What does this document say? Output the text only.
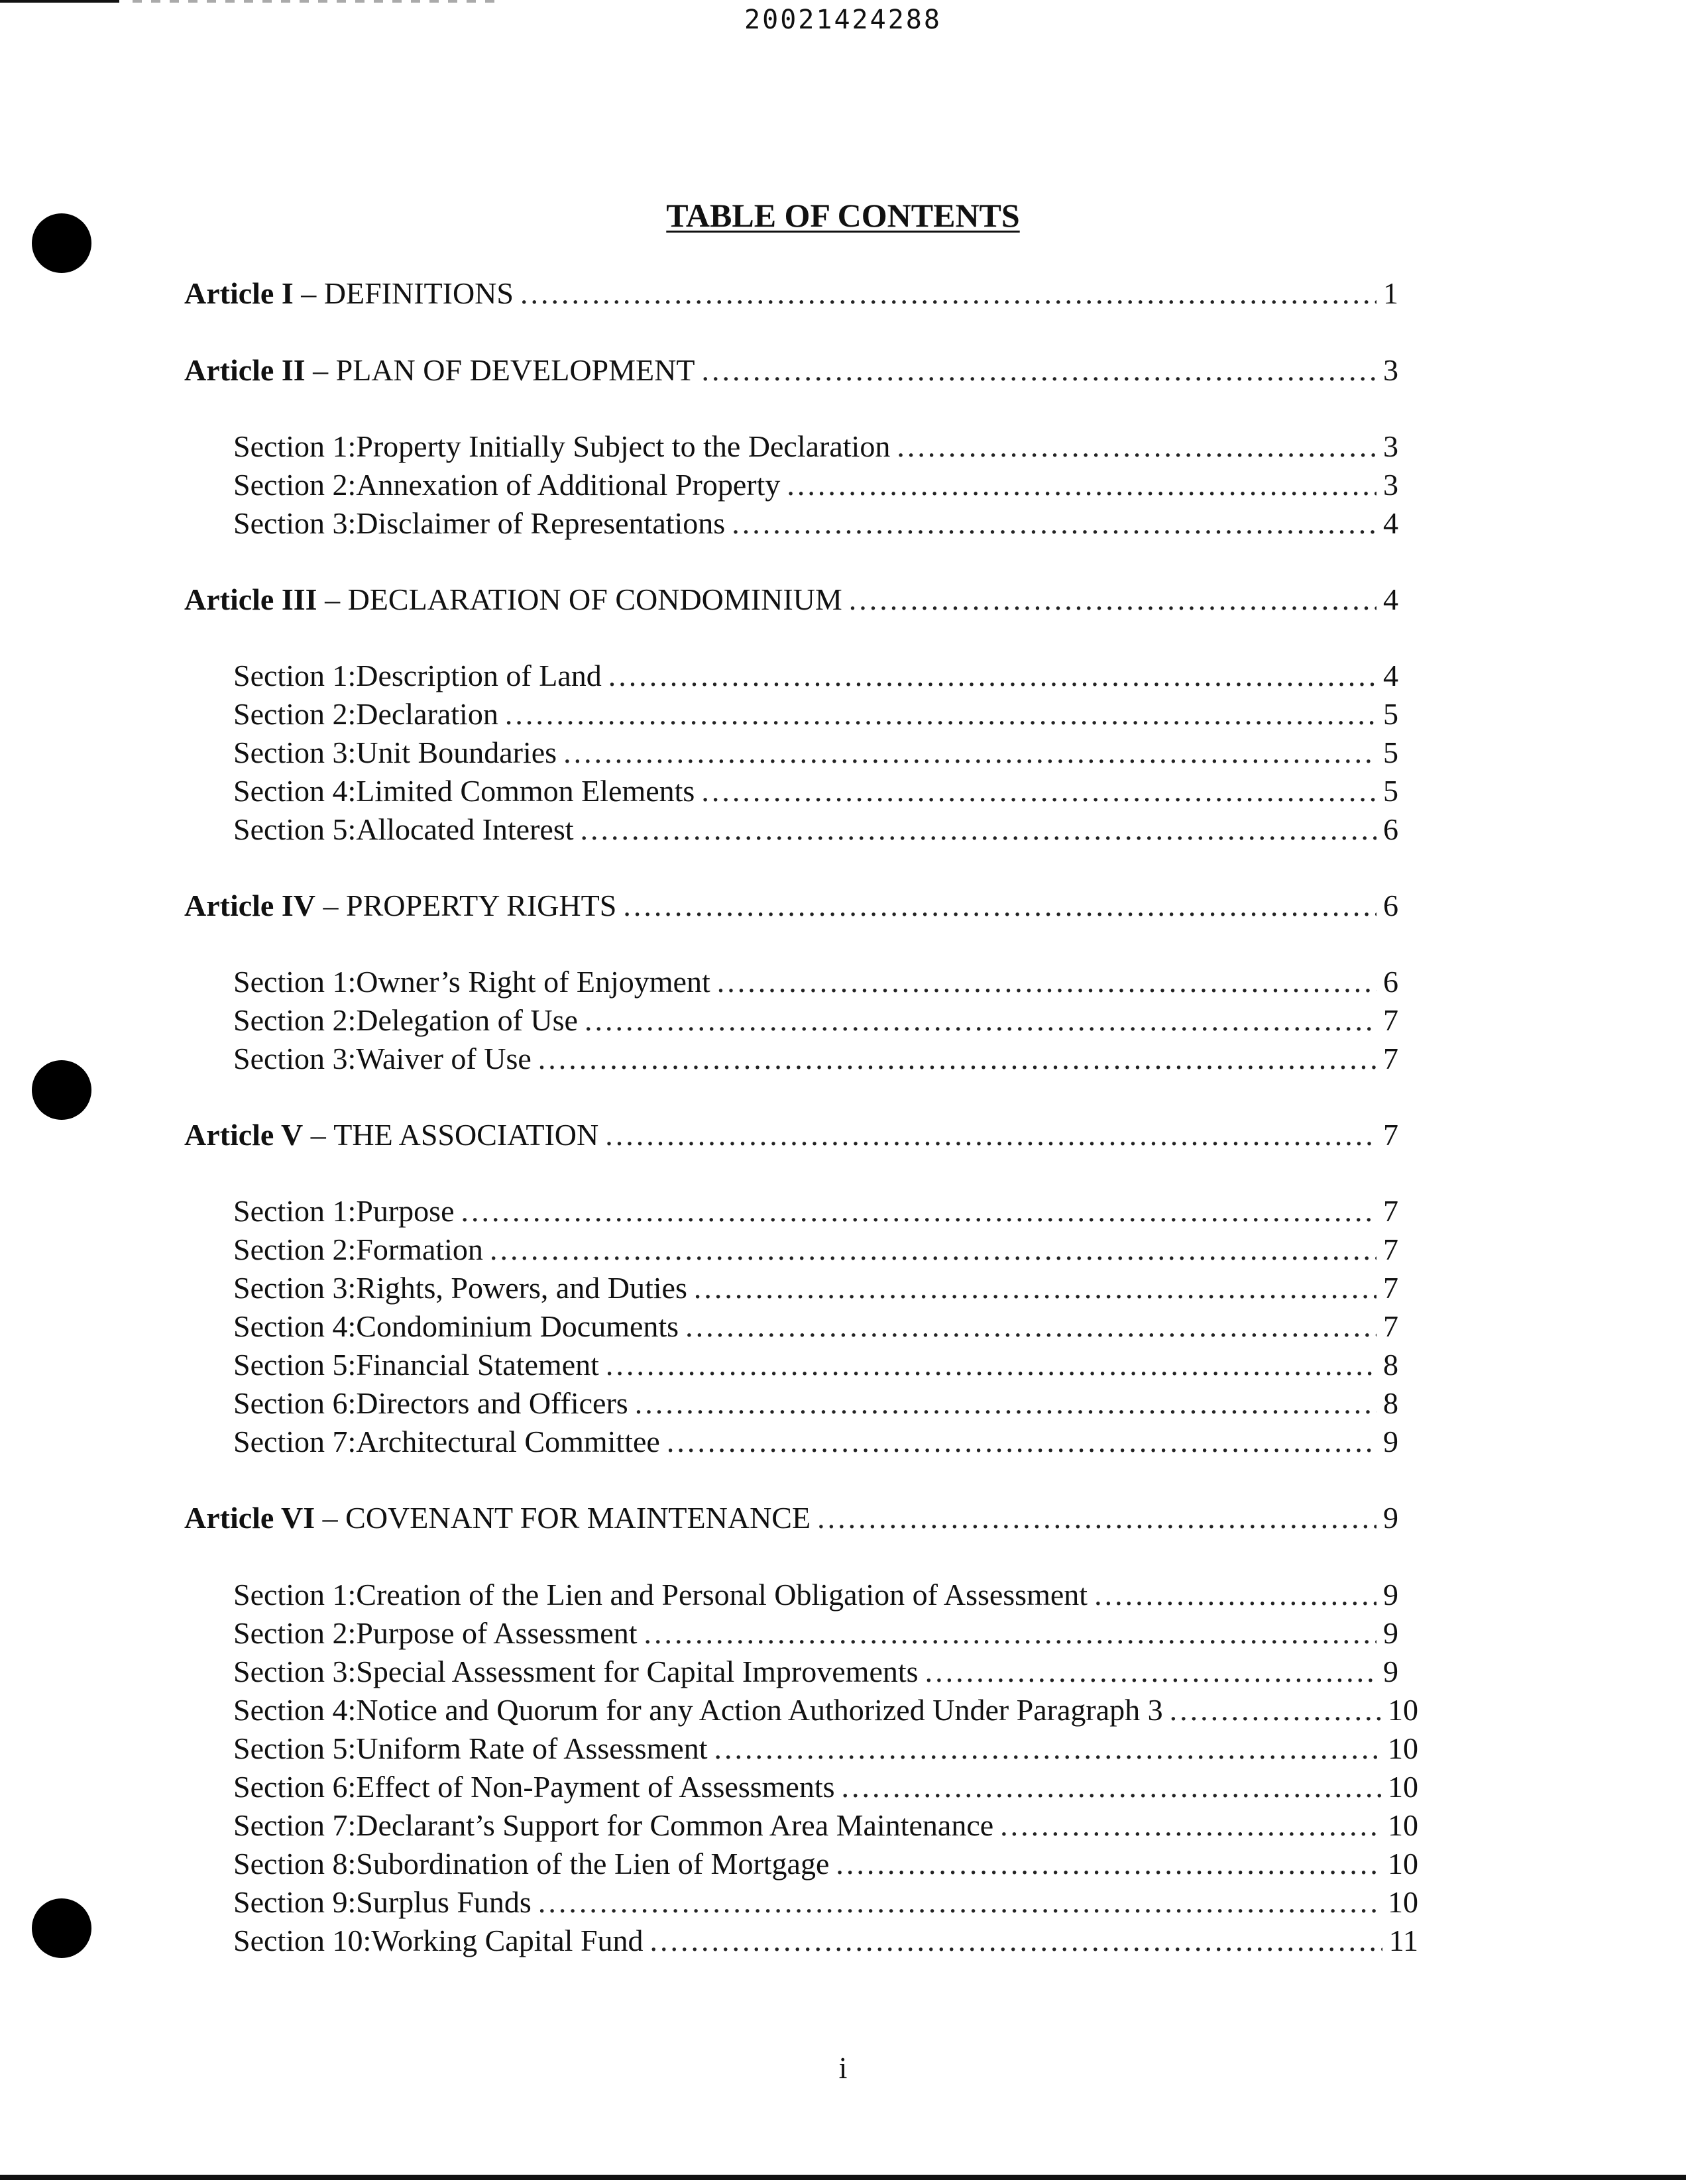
20021424288
TABLE OF CONTENTS
Article I – DEFINITIONS .....	1
Article II – PLAN OF DEVELOPMENT .....	3
Section 1: Property Initially Subject to the Declaration .....	3
Section 2: Annexation of Additional Property .....	3
Section 3: Disclaimer of Representations .....	4
Article III – DECLARATION OF CONDOMINIUM .....	4
Section 1: Description of Land .....	4
Section 2: Declaration .....	5
Section 3: Unit Boundaries .....	5
Section 4: Limited Common Elements .....	5
Section 5: Allocated Interest .....	6
Article IV – PROPERTY RIGHTS .....	6
Section 1: Owner’s Right of Enjoyment .....	6
Section 2: Delegation of Use .....	7
Section 3: Waiver of Use .....	7
Article V – THE ASSOCIATION .....	7
Section 1: Purpose .....	7
Section 2: Formation .....	7
Section 3: Rights, Powers, and Duties .....	7
Section 4: Condominium Documents .....	7
Section 5: Financial Statement .....	8
Section 6: Directors and Officers .....	8
Section 7: Architectural Committee .....	9
Article VI – COVENANT FOR MAINTENANCE .....	9
Section 1: Creation of the Lien and Personal Obligation of Assessment .....	9
Section 2: Purpose of Assessment .....	9
Section 3: Special Assessment for Capital Improvements .....	9
Section 4: Notice and Quorum for any Action Authorized Under Paragraph 3 .....	10
Section 5: Uniform Rate of Assessment .....	10
Section 6: Effect of Non-Payment of Assessments .....	10
Section 7: Declarant’s Support for Common Area Maintenance .....	10
Section 8: Subordination of the Lien of Mortgage .....	10
Section 9: Surplus Funds .....	10
Section 10: Working Capital Fund .....	11
i
